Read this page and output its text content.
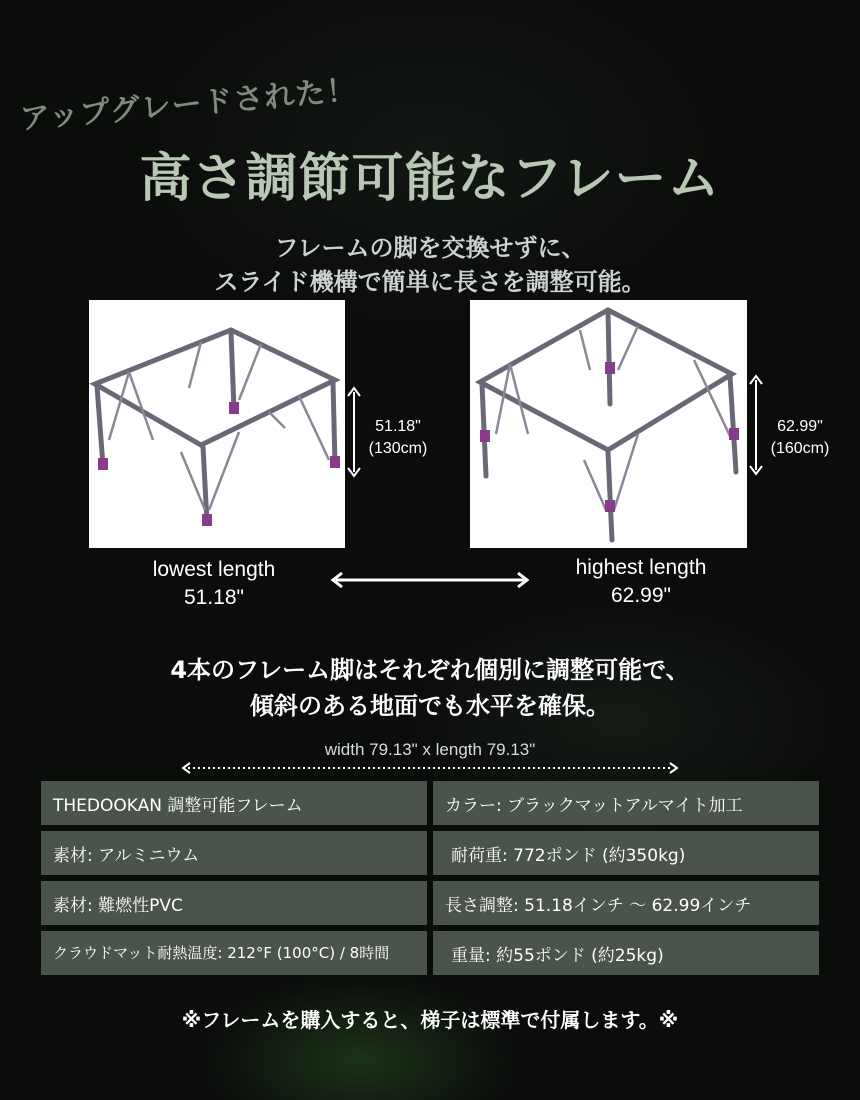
アップグレードされた！
高さ調節可能なフレーム
フレームの脚を交換せずに、
スライド機構で簡単に長さを調整可能。
51.18"
(130cm)
62.99"
(160cm)
lowest length
51.18"
highest length
62.99"
4本のフレーム脚はそれぞれ個別に調整可能で、
傾斜のある地面でも水平を確保。
width 79.13" x length 79.13"
THEDOOKAN 調整可能フレーム
素材: アルミニウム
素材: 難燃性PVC
クラウドマット耐熱温度: 212°F (100°C) / 8時間
カラー: ブラックマットアルマイト加工
耐荷重: 772ポンド (約350kg)
長さ調整: 51.18インチ ～ 62.99インチ
重量: 約55ポンド (約25kg)
※フレームを購入すると、梯子は標準で付属します。※
